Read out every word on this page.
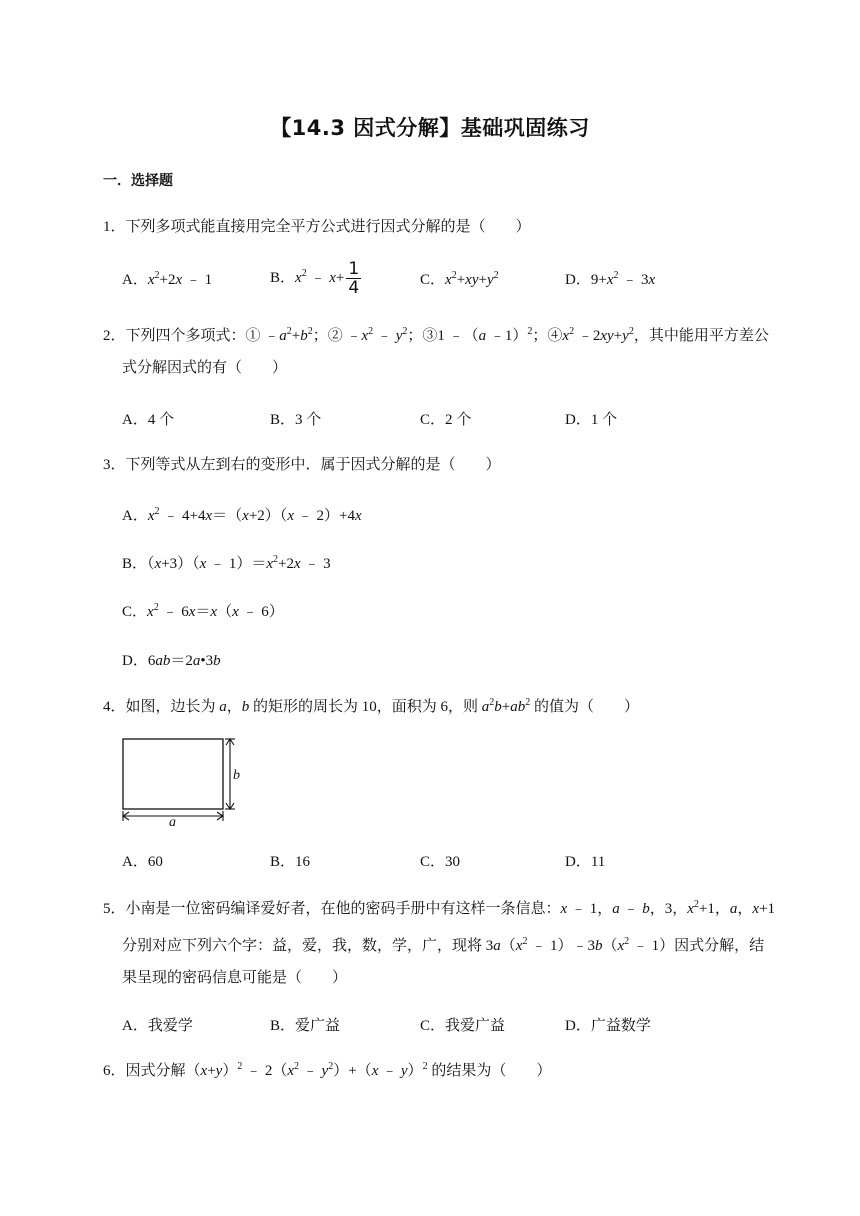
【14.3 因式分解】基础巩固练习
一．选择题
1．下列多项式能直接用完全平方公式进行因式分解的是（　　）
A．$x^2+2x$ ﹣ 1	B．$x^2$ ﹣ $x+ \frac{1}{4}$	C．$x^2+xy+y^2$	D．$9+x^2$ ﹣ 3x
2．下列四个多项式：① $﹣a^2+b^2$；② $﹣x^2$ ﹣ $y^2$；③1 ﹣（a ﹣1）$^2$；$④x^2$ $﹣2xy+y^2$，其中能用平方差公
式分解因式的有（　　）
A．4 个	B．3 个	C．2 个	D．1 个
3．下列等式从左到右的变形中．属于因式分解的是（　　）
A．$x^2$ ﹣ 4+4x＝（x+2）（x ﹣ 2）+4x
B．（x+3）（x ﹣ $1)=x^2+2x$ ﹣ 3
C．$x^2$ ﹣ 6x＝x（x ﹣ 6）
D．6ab＝2a•3b
4．如图，边长为 a，b 的矩形的周长为 10，面积为 6，则 $a^2b+ab^2$ 的值为（　　）
b
a
A．60	B．16	C．30	D．11
5．小南是一位密码编译爱好者，在他的密码手册中有这样一条信息：x ﹣ 1，a ﹣ b，3，$x^2+1$，a，x+1
分别对应下列六个字：益，爱，我，数，学，广，现将 $3a(x^2$ ﹣ $1)﹣3b(x^2$ ﹣ 1）因式分解，结
果呈现的密码信息可能是（　　）
A．我爱学	B．爱广益	C．我爱广益	D．广益数学
6．因式分解$(x+y)^2$ ﹣ $2(x^2$ ﹣ $y^2)+(x$ ﹣ y）$^2$ 的结果为（　　）
